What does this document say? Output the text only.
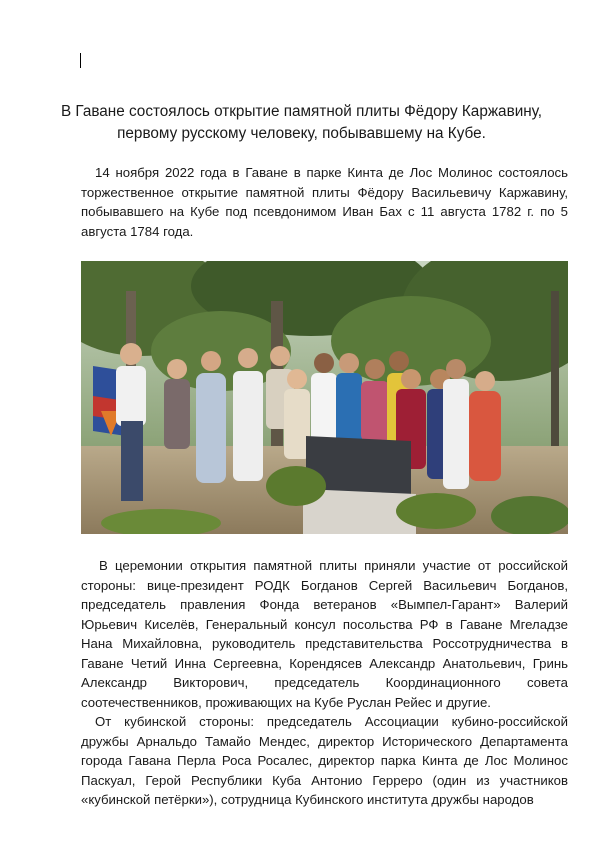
В Гаване состоялось открытие памятной плиты Фёдору Каржавину,
первому русскому человеку, побывавшему на Кубе.
14 ноября 2022 года в Гаване в парке Кинта де Лос Молинос состоялось торжественное открытие памятной плиты Фёдору Васильевичу Каржавину, побывавшего на Кубе под псевдонимом Иван Бах с 11 августа 1782 г. по 5 августа 1784 года.
В церемонии открытия памятной плиты приняли участие от российской стороны: вице-президент РОДК Богданов Сергей Васильевич Богданов, председатель правления Фонда ветеранов «Вымпел-Гарант» Валерий Юрьевич Киселёв, Генеральный консул посольства РФ в Гаване Мгеладзе Нана Михайловна, руководитель представительства Россотрудничества в Гаване Четий Инна Сергеевна, Корендясев Александр Анатольевич, Гринь Александр Викторович, председатель Координационного совета соотечественников, проживающих на Кубе Руслан Рейес и другие.
От кубинской стороны: председатель Ассоциации кубино-российской дружбы Арнальдо Тамайо Мендес, директор Исторического Департамента города Гавана Перла Роса Росалес, директор парка Кинта де Лос Молинос Паскуал, Герой Республики Куба Антонио Герреро (один из участников «кубинской петёрки»), сотрудница Кубинского института дружбы народов
